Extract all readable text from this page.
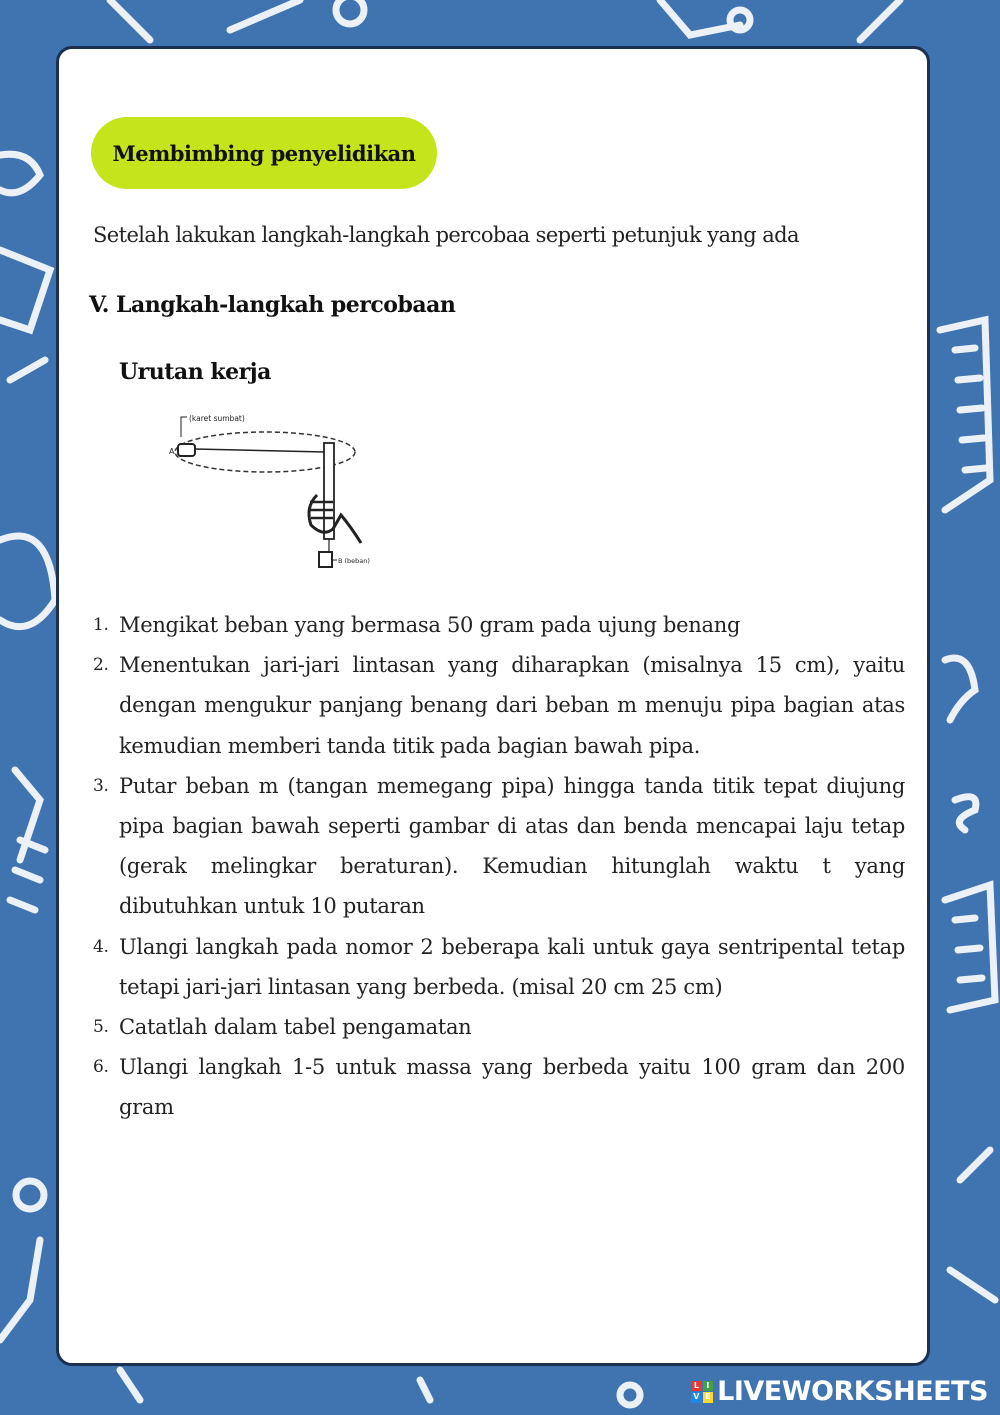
Membimbing penyelidikan
Setelah lakukan langkah-langkah percobaa seperti petunjuk yang ada
V. Langkah-langkah percobaan
Urutan kerja
(karet sumbat)
A
B (beban)
1. Mengikat beban yang bermasa 50 gram pada ujung benang
2. Menentukan jari-jari lintasan yang diharapkan (misalnya 15 cm), yaitu dengan mengukur panjang benang dari beban m menuju pipa bagian atas kemudian memberi tanda titik pada bagian bawah pipa.
3. Putar beban m (tangan memegang pipa) hingga tanda titik tepat diujung pipa bagian bawah seperti gambar di atas dan benda mencapai laju tetap (gerak melingkar beraturan). Kemudian hitunglah waktu t yang dibutuhkan untuk 10 putaran
4. Ulangi langkah pada nomor 2 beberapa kali untuk gaya sentripental tetap tetapi jari-jari lintasan yang berbeda. (misal 20 cm 25 cm)
5. Catatlah dalam tabel pengamatan
6. Ulangi langkah 1-5 untuk massa yang berbeda yaitu 100 gram dan 200 gram
L I
V E LIVEWORKSHEETS
